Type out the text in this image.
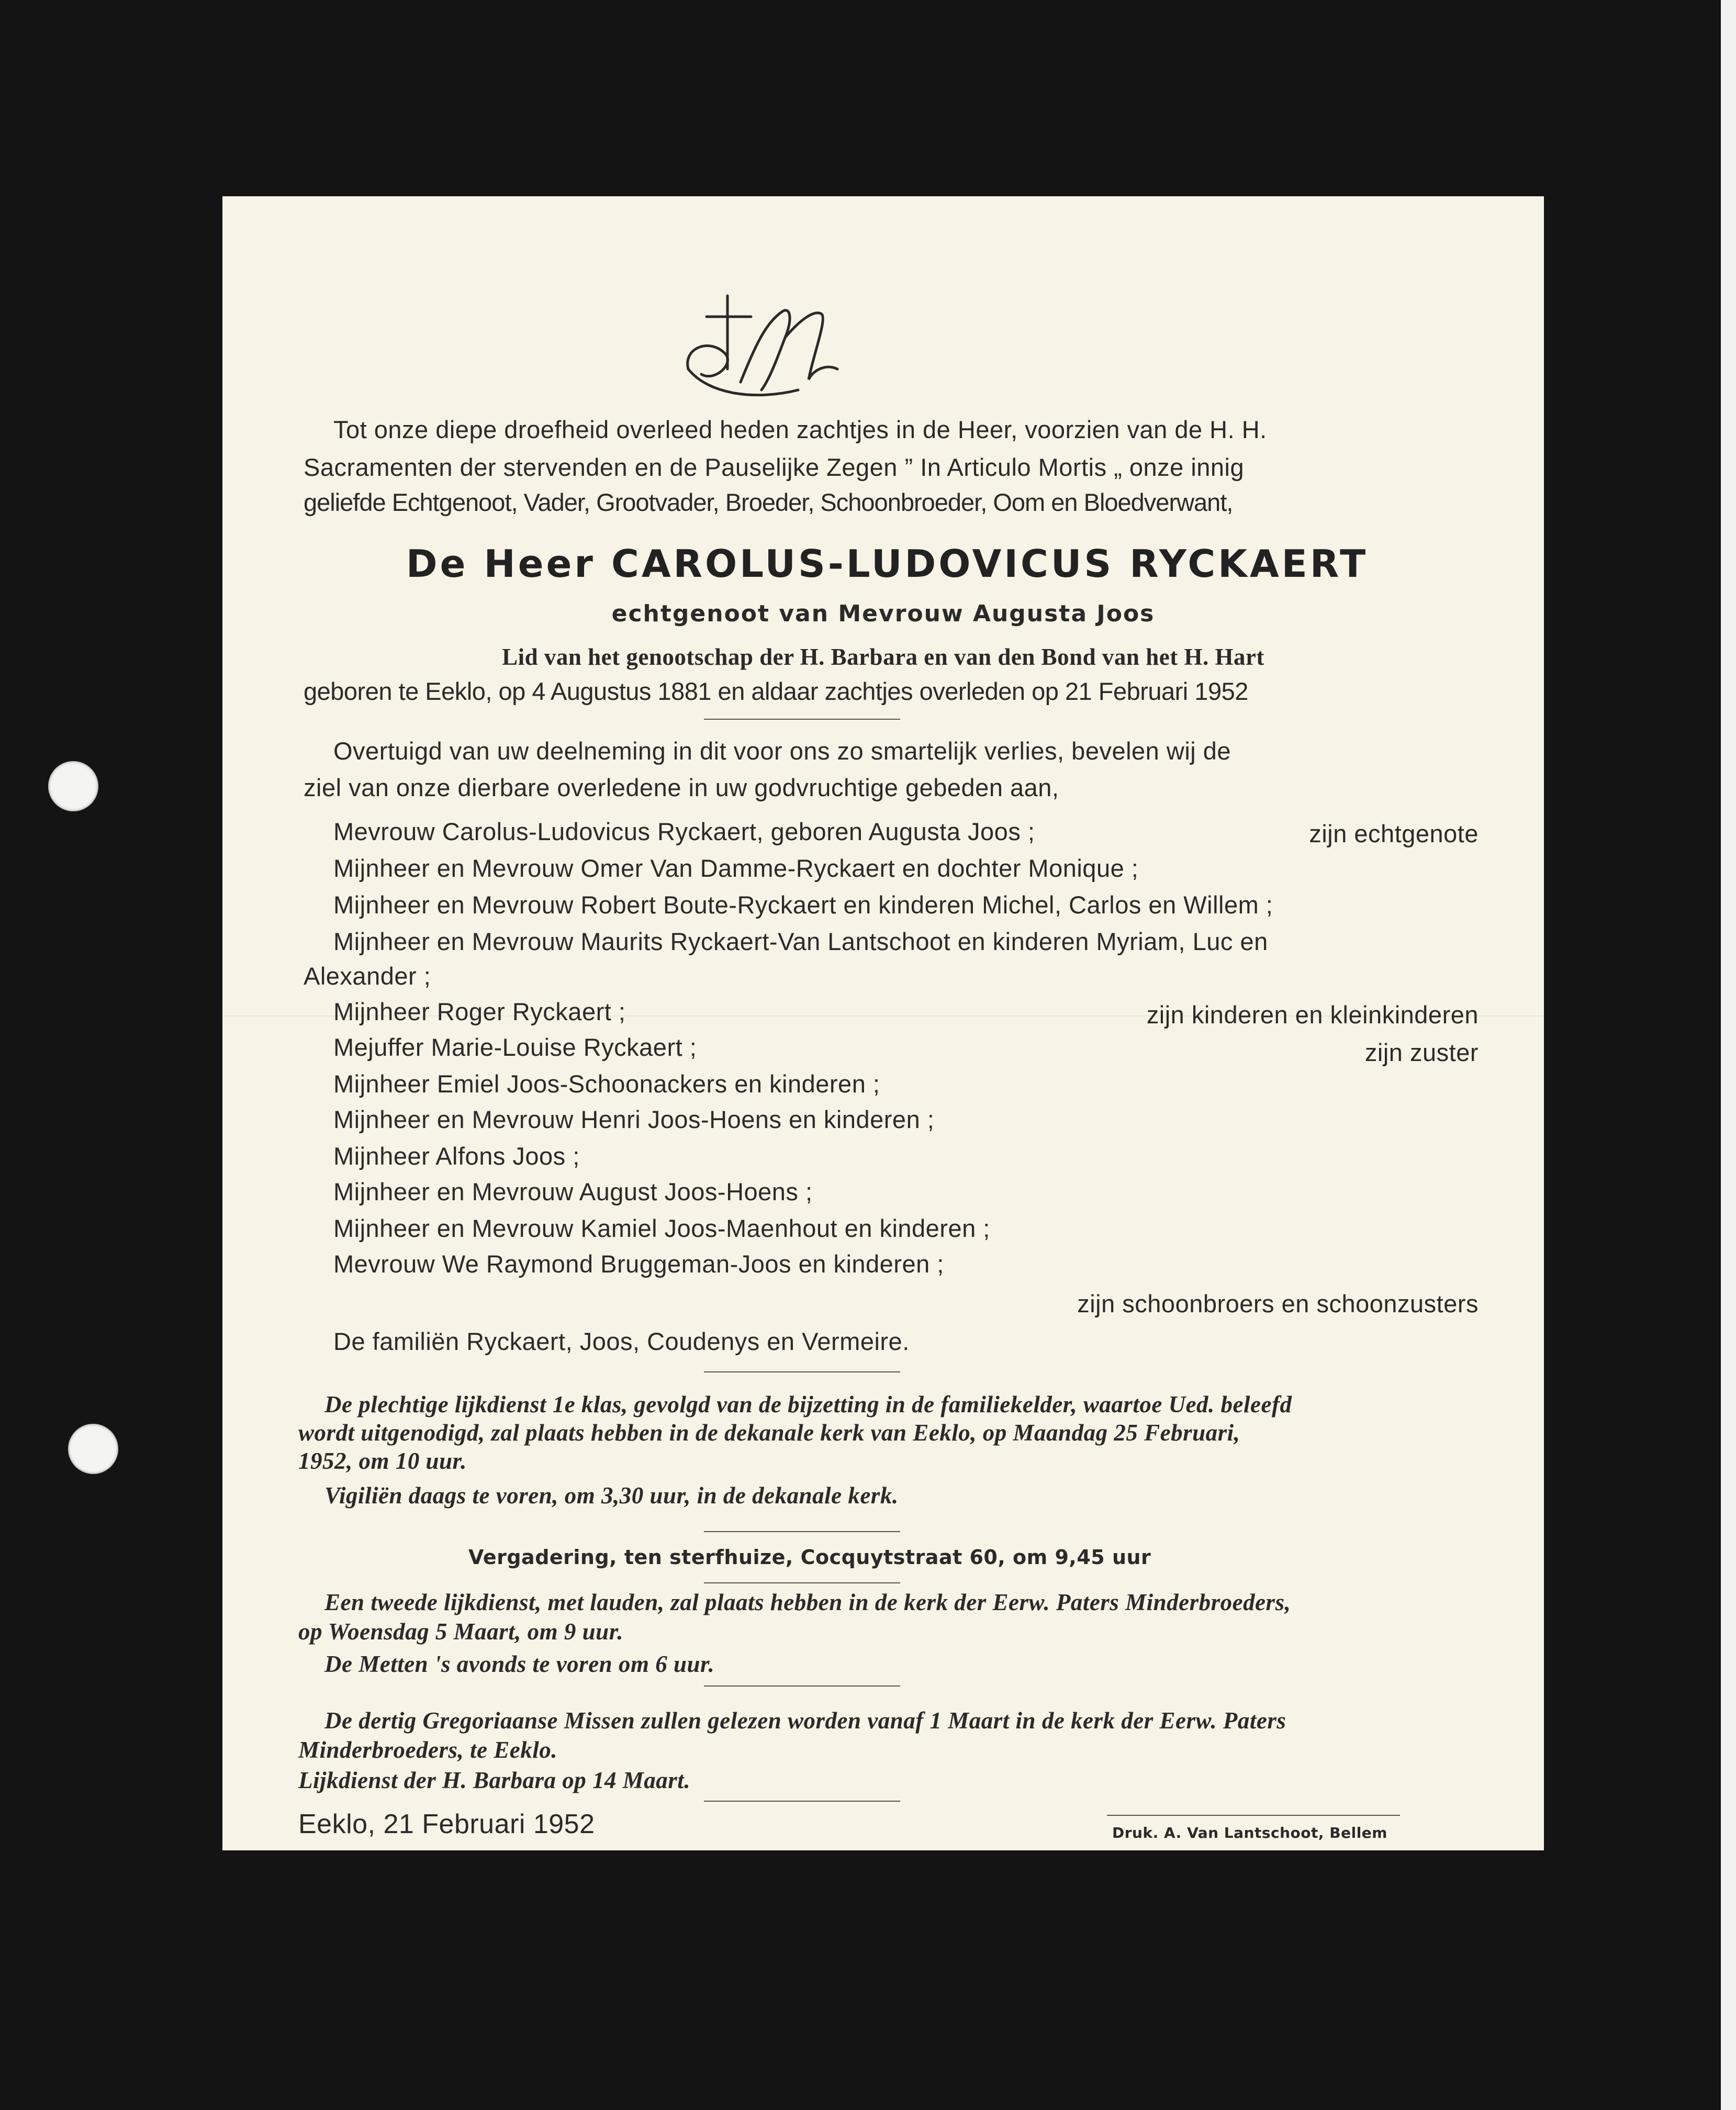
Tot onze diepe droefheid overleed heden zachtjes in de Heer, voorzien van de H. H.
Sacramenten der stervenden en de Pauselijke Zegen ” In Articulo Mortis „ onze innig
geliefde Echtgenoot, Vader, Grootvader, Broeder, Schoonbroeder, Oom en Bloedverwant,
De Heer CAROLUS-LUDOVICUS RYCKAERT
echtgenoot van Mevrouw Augusta Joos
Lid van het genootschap der H. Barbara en van den Bond van het H. Hart
geboren te Eeklo, op 4 Augustus 1881 en aldaar zachtjes overleden op 21 Februari 1952
Overtuigd van uw deelneming in dit voor ons zo smartelijk verlies, bevelen wij de
ziel van onze dierbare overledene in uw godvruchtige gebeden aan,
Mevrouw Carolus-Ludovicus Ryckaert, geboren Augusta Joos ;	zijn echtgenote
Mijnheer en Mevrouw Omer Van Damme-Ryckaert en dochter Monique ;
Mijnheer en Mevrouw Robert Boute-Ryckaert en kinderen Michel, Carlos en Willem ;
Mijnheer en Mevrouw Maurits Ryckaert-Van Lantschoot en kinderen Myriam, Luc en
Alexander ;
Mijnheer Roger Ryckaert ;	zijn kinderen en kleinkinderen
Mejuffer Marie-Louise Ryckaert ;	zijn zuster
Mijnheer Emiel Joos-Schoonackers en kinderen ;
Mijnheer en Mevrouw Henri Joos-Hoens en kinderen ;
Mijnheer Alfons Joos ;
Mijnheer en Mevrouw August Joos-Hoens ;
Mijnheer en Mevrouw Kamiel Joos-Maenhout en kinderen ;
Mevrouw We Raymond Bruggeman-Joos en kinderen ;
zijn schoonbroers en schoonzusters
De familiën Ryckaert, Joos, Coudenys en Vermeire.
De plechtige lijkdienst 1e klas, gevolgd van de bijzetting in de familiekelder, waartoe Ued. beleefd
wordt uitgenodigd, zal plaats hebben in de dekanale kerk van Eeklo, op Maandag 25 Februari,
1952, om 10 uur.
Vigiliën daags te voren, om 3,30 uur, in de dekanale kerk.
Vergadering, ten sterfhuize, Cocquytstraat 60, om 9,45 uur
Een tweede lijkdienst, met lauden, zal plaats hebben in de kerk der Eerw. Paters Minderbroeders,
op Woensdag 5 Maart, om 9 uur.
De Metten 's avonds te voren om 6 uur.
De dertig Gregoriaanse Missen zullen gelezen worden vanaf 1 Maart in de kerk der Eerw. Paters
Minderbroeders, te Eeklo.
Lijkdienst der H. Barbara op 14 Maart.
Eeklo, 21 Februari 1952	Druk. A. Van Lantschoot, Bellem
